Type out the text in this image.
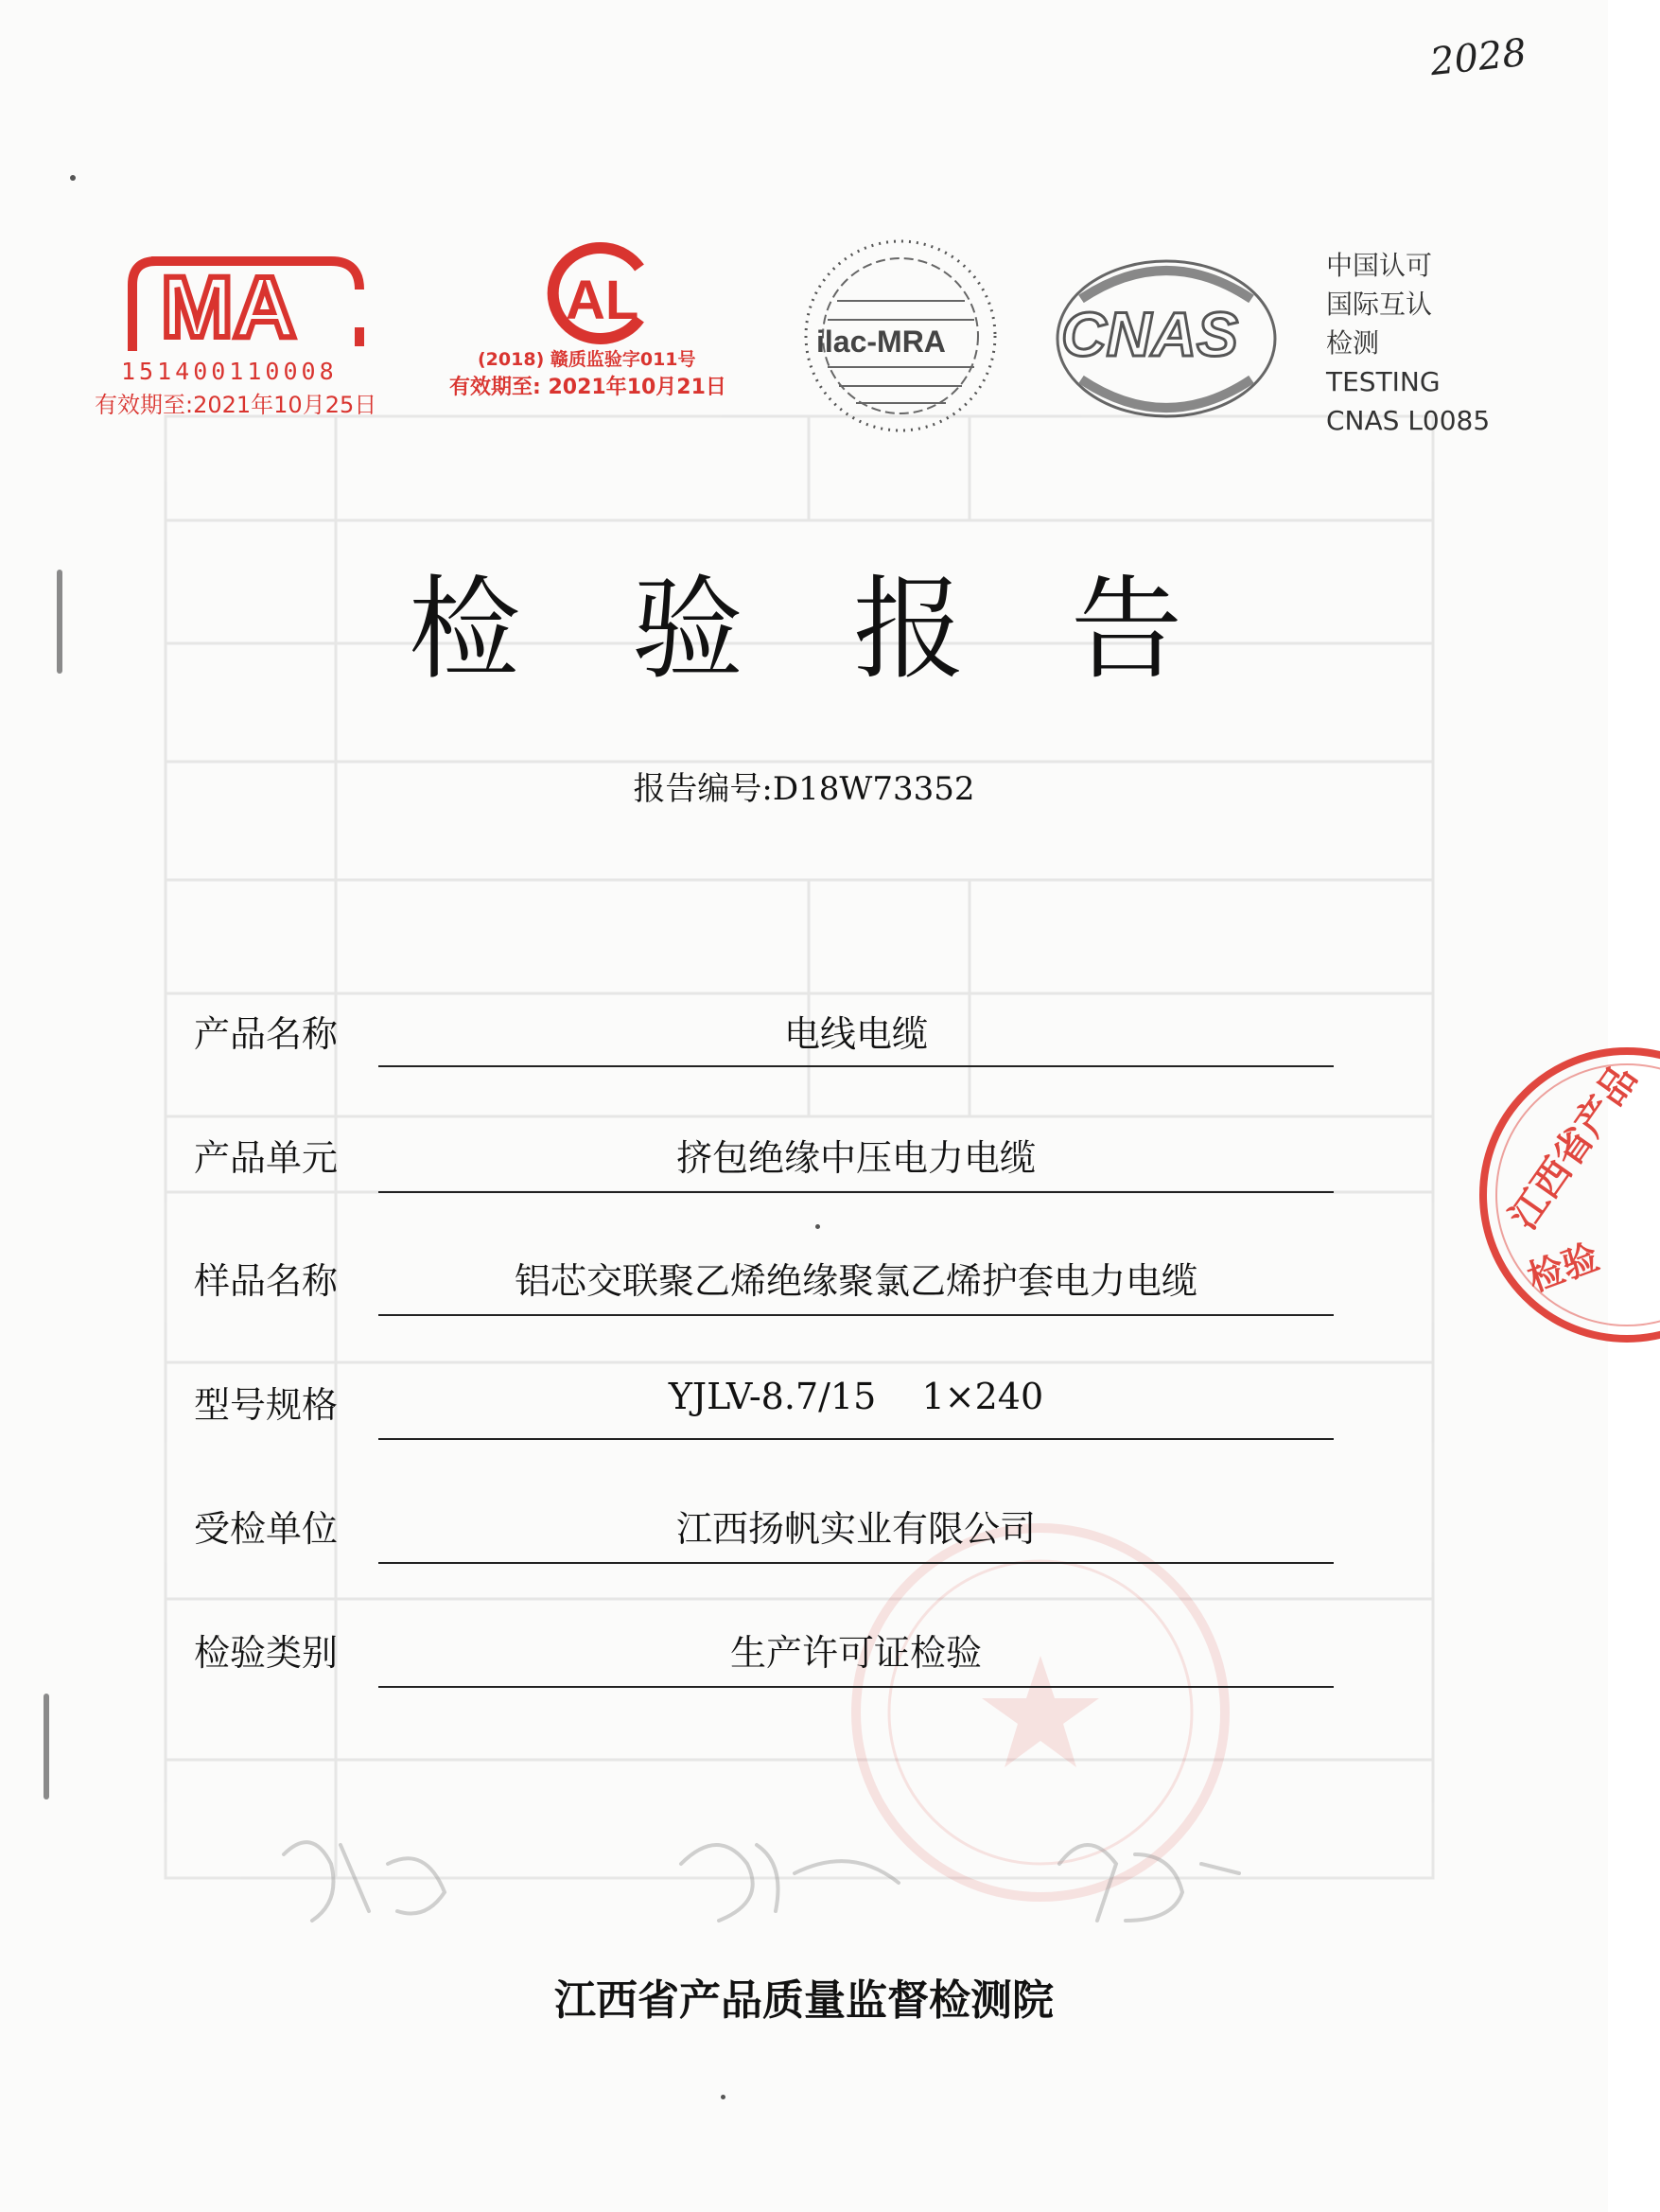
2028
MA
151400110008
有效期至:2021年10月25日
AL
(2018) 赣质监验字011号
有效期至: 2021年10月21日
ilac-MRA CNAS
中国认可
国际互认
检测
TESTING
CNAS L0085
江西省产品
检验
检 验 报 告
报告编号:D18W73352
产品名称	电线电缆
产品单元	挤包绝缘中压电力电缆
样品名称	铝芯交联聚乙烯绝缘聚氯乙烯护套电力电缆
型号规格	YJLV-8.7/15    1×240
受检单位	江西扬帆实业有限公司
检验类别	生产许可证检验
江西省产品质量监督检测院
